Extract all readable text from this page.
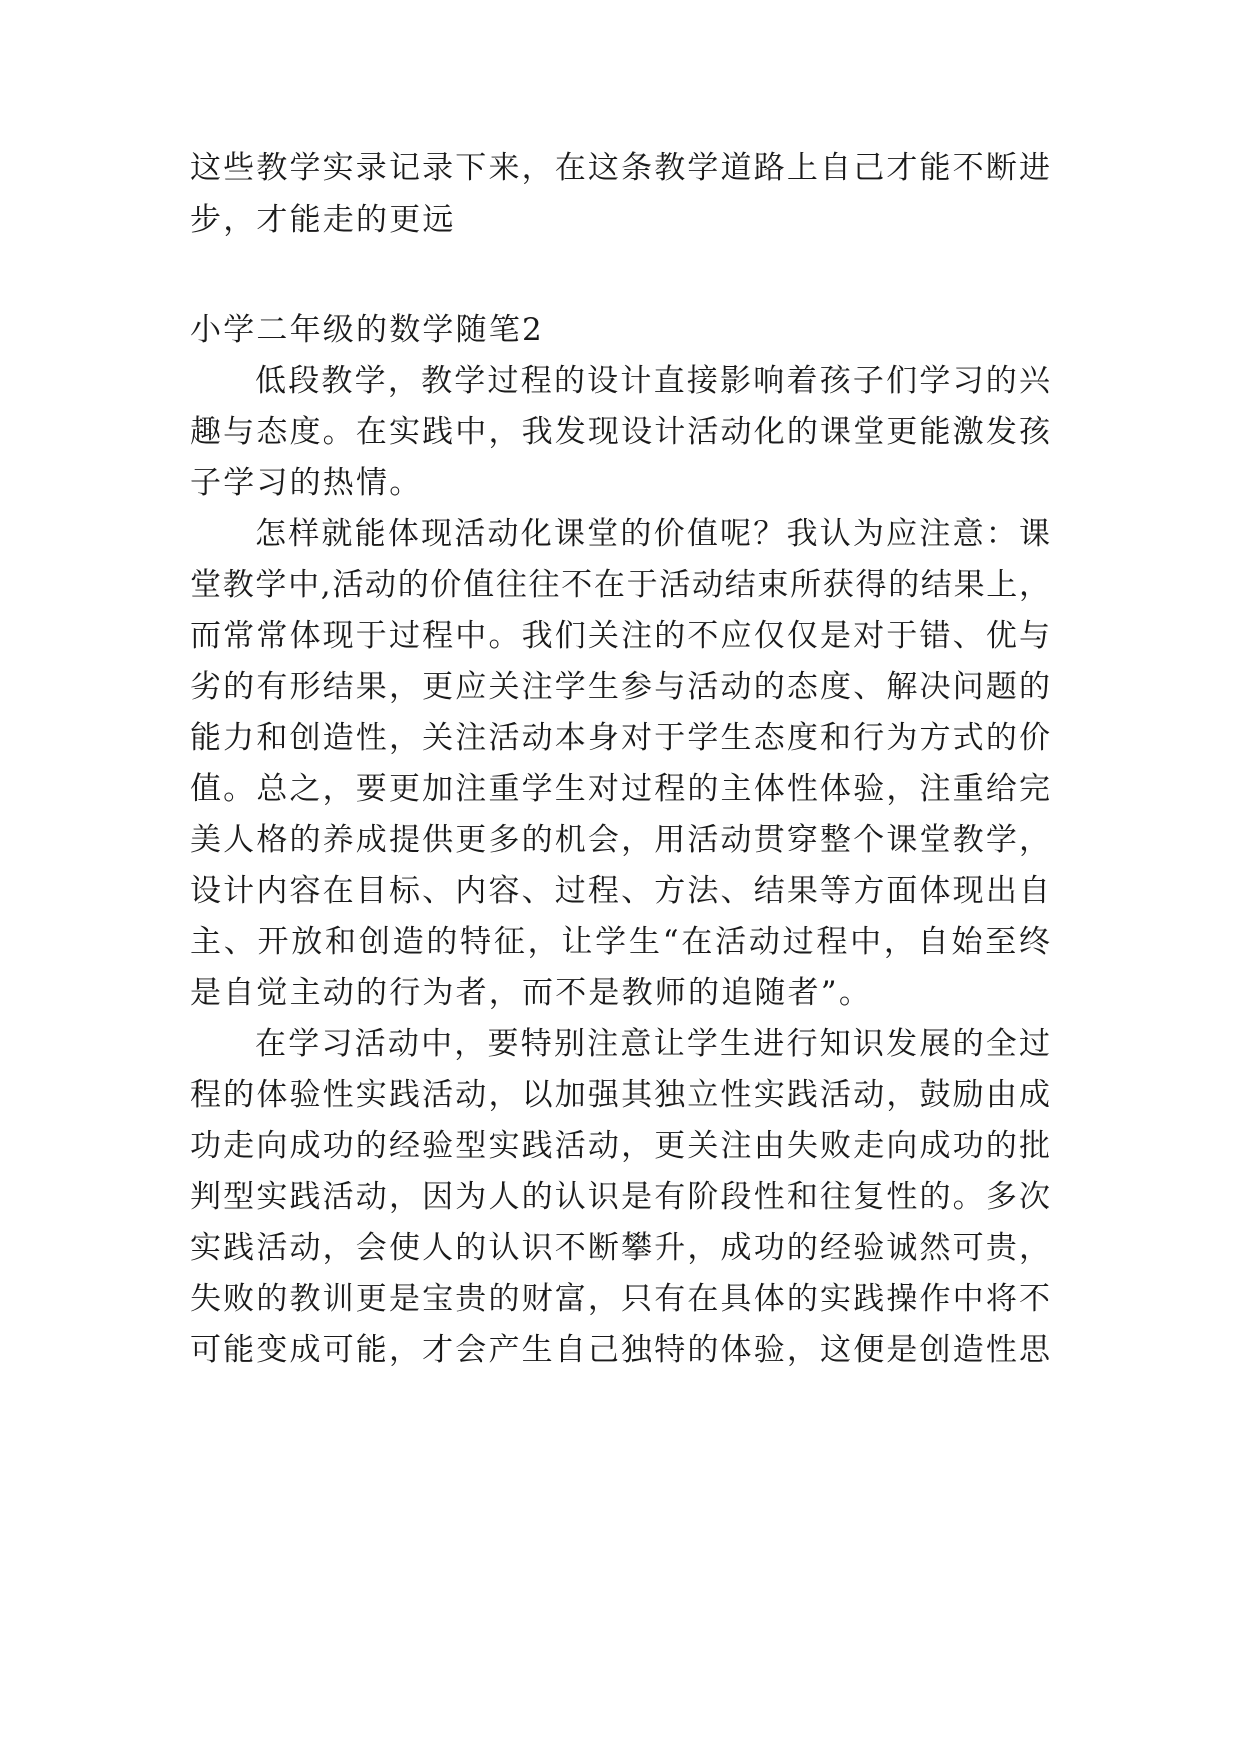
这些教学实录记录下来，在这条教学道路上自己才能不断进
步，才能走的更远
小学二年级的数学随笔2
低段教学，教学过程的设计直接影响着孩子们学习的兴
趣与态度。在实践中，我发现设计活动化的课堂更能激发孩
子学习的热情。
怎样就能体现活动化课堂的价值呢？我认为应注意：课
堂教学中,活动的价值往往不在于活动结束所获得的结果上，
而常常体现于过程中。我们关注的不应仅仅是对于错、优与
劣的有形结果，更应关注学生参与活动的态度、解决问题的
能力和创造性，关注活动本身对于学生态度和行为方式的价
值。总之，要更加注重学生对过程的主体性体验，注重给完
美人格的养成提供更多的机会，用活动贯穿整个课堂教学，
设计内容在目标、内容、过程、方法、结果等方面体现出自
主、开放和创造的特征，让学生“在活动过程中，自始至终
是自觉主动的行为者，而不是教师的追随者”。
在学习活动中，要特别注意让学生进行知识发展的全过
程的体验性实践活动，以加强其独立性实践活动，鼓励由成
功走向成功的经验型实践活动，更关注由失败走向成功的批
判型实践活动，因为人的认识是有阶段性和往复性的。多次
实践活动，会使人的认识不断攀升，成功的经验诚然可贵，
失败的教训更是宝贵的财富，只有在具体的实践操作中将不
可能变成可能，才会产生自己独特的体验，这便是创造性思
